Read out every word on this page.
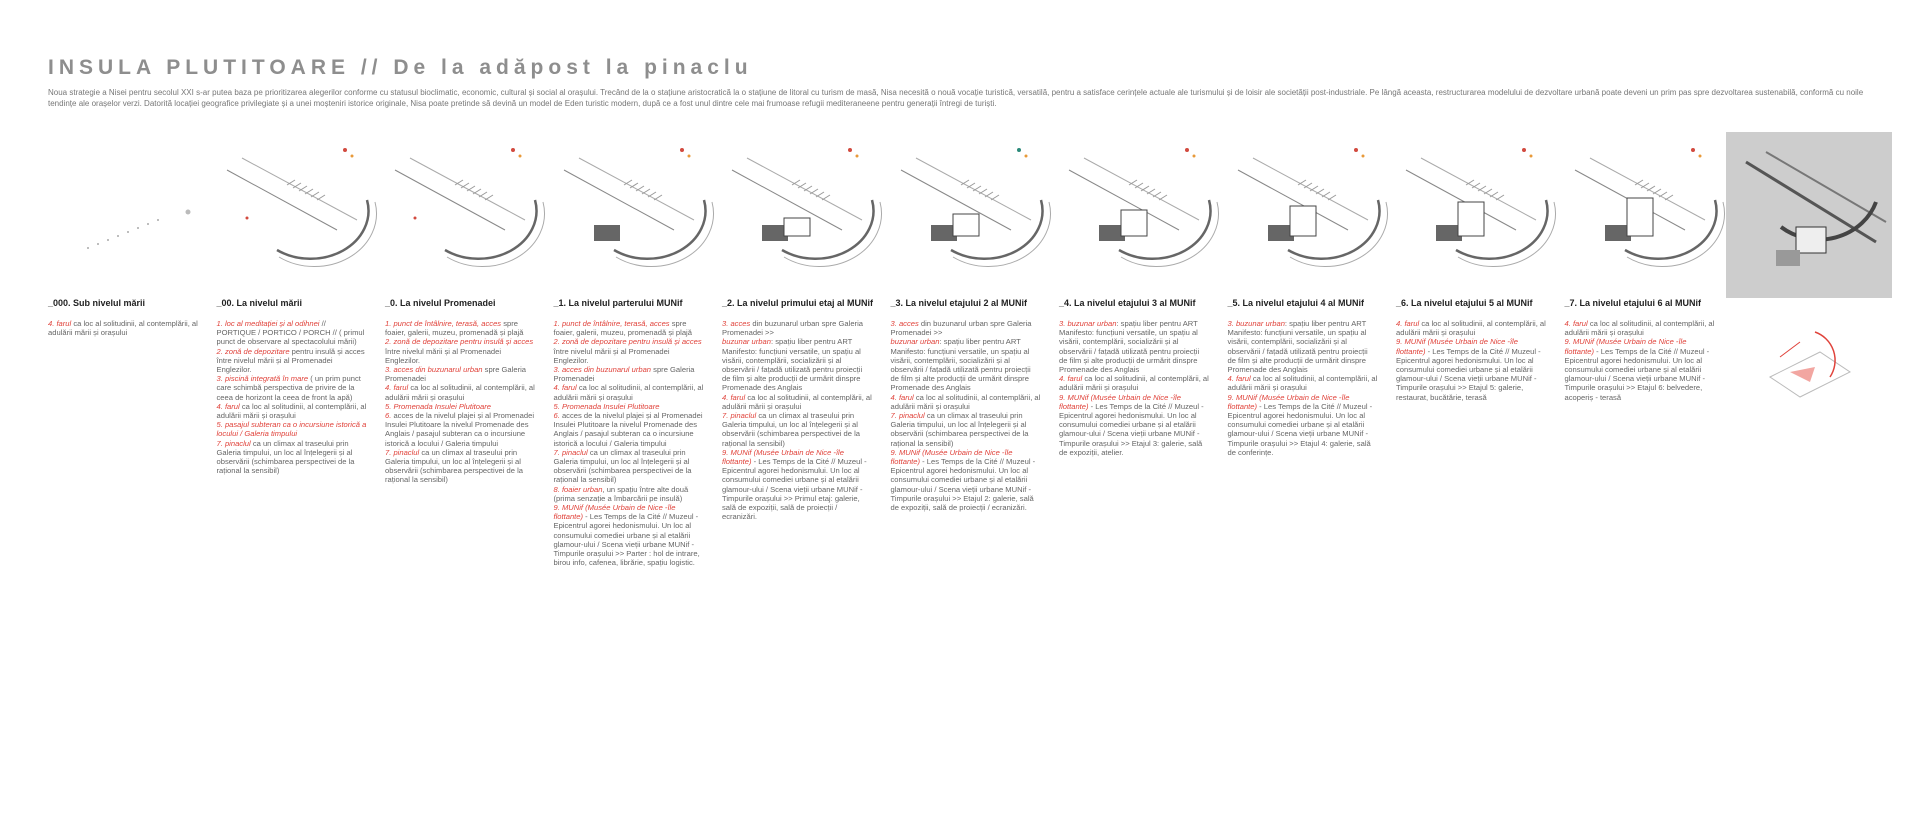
INSULA PLUTITOARE // De la adăpost la pinaclu
Noua strategie a Nisei pentru secolul XXI s-ar putea baza pe prioritizarea alegerilor conforme cu statusul bioclimatic, economic, cultural și social al orașului. Trecând de la o stațiune aristocratică la o stațiune de litoral cu turism de masă, Nisa necesită o nouă vocație turistică, versatilă, pentru a satisface cerințele actuale ale turismului și de loisir ale societății post-industriale. Pe lângă aceasta, restructurarea modelului de dezvoltare urbană poate deveni un prim pas spre dezvoltarea sustenabilă, conformă cu noile tendințe ale orașelor verzi. Datorită locației geografice privilegiate și a unei moșteniri istorice originale, Nisa poate pretinde să devină un model de Eden turistic modern, după ce a fost unul dintre cele mai frumoase refugii mediteraneene pentru generații întregi de turiști.
_000. Sub nivelul mării

4. farul ca loc al solitudinii, al contemplării, al adulării mării și orașului

_00. La nivelul mării

1. loc al meditației și al odihnei // PORTIQUE / PORTICO / PORCH // ( primul punct de observare al spectacolului mării)

2. zonă de depozitare pentru insulă și acces între nivelul mării și al Promenadei Englezilor.

3. piscină integrată în mare ( un prim punct care schimbă perspectiva de privire de la ceea de horizont la ceea de front la apă)

4. farul ca loc al solitudinii, al contemplării, al adulării mării și orașului

5. pasajul subteran ca o incursiune istorică a locului / Galeria timpului

7. pinaclul ca un climax al traseului prin Galeria timpului, un loc al înțelegerii și al observării (schimbarea perspectivei de la rațional la sensibil)

_0. La nivelul Promenadei

1. punct de întâlnire, terasă, acces spre foaier, galerii, muzeu, promenadă și plajă

2. zonă de depozitare pentru insulă și acces între nivelul mării și al Promenadei Englezilor.

3. acces din buzunarul urban spre Galeria Promenadei

4. farul ca loc al solitudinii, al contemplării, al adulării mării și orașului

5. Promenada Insulei Plutitoare

6. acces de la nivelul plajei și al Promenadei Insulei Plutitoare la nivelul Promenade des Anglais / pasajul subteran ca o incursiune istorică a locului / Galeria timpului

7. pinaclul ca un climax al traseului prin Galeria timpului, un loc al înțelegerii și al observării (schimbarea perspectivei de la rațional la sensibil)

_1. La nivelul parterului MUNif

1. punct de întâlnire, terasă, acces spre foaier, galerii, muzeu, promenadă și plajă

2. zonă de depozitare pentru insulă și acces între nivelul mării și al Promenadei Englezilor.

3. acces din buzunarul urban spre Galeria Promenadei

4. farul ca loc al solitudinii, al contemplării, al adulării mării și orașului

5. Promenada Insulei Plutitoare

6. acces de la nivelul plajei și al Promenadei Insulei Plutitoare la nivelul Promenade des Anglais / pasajul subteran ca o incursiune istorică a locului / Galeria timpului

7. pinaclul ca un climax al traseului prin Galeria timpului, un loc al înțelegerii și al observării (schimbarea perspectivei de la rațional la sensibil)

8. foaier urban, un spațiu între alte două (prima senzație a îmbarcării pe insulă)

9. MUNif (Musée Urbain de Nice -île flottante) - Les Temps de la Cité // Muzeul - Epicentrul agorei hedonismului. Un loc al consumului comediei urbane și al etalării glamour-ului / Scena vieții urbane MUNif - Timpurile orașului >> Parter : hol de intrare, birou info, cafenea, librărie, spațiu logistic.

_2. La nivelul primului etaj al MUNif

3. acces din buzunarul urban spre Galeria Promenadei >>

buzunar urban: spațiu liber pentru ART Manifesto: funcțiuni versatile, un spațiu al visării, contemplării, socializării și al observării / fațadă utilizată pentru proiecții de film și alte producții de urmărit dinspre Promenade des Anglais

4. farul ca loc al solitudinii, al contemplării, al adulării mării și orașului

7. pinaclul ca un climax al traseului prin Galeria timpului, un loc al înțelegerii și al observării (schimbarea perspectivei de la rațional la sensibil)

9. MUNif (Musée Urbain de Nice -île flottante) - Les Temps de la Cité // Muzeul -Epicentrul agorei hedonismului. Un loc al consumului comediei urbane și al etalării glamour-ului / Scena vieții urbane MUNif - Timpurile orașului >> Primul etaj: galerie, sală de expoziții, sală de proiecții / ecranizări.

_3. La nivelul etajului 2 al MUNif

3. acces din buzunarul urban spre Galeria Promenadei >>

buzunar urban: spațiu liber pentru ART Manifesto: funcțiuni versatile, un spațiu al visării, contemplării, socializării și al observării / fațadă utilizată pentru proiecții de film și alte producții de urmărit dinspre Promenade des Anglais

4. farul ca loc al solitudinii, al contemplării, al adulării mării și orașului

7. pinaclul ca un climax al traseului prin Galeria timpului, un loc al înțelegerii și al observării (schimbarea perspectivei de la rațional la sensibil)

9. MUNif (Musée Urbain de Nice -île flottante) - Les Temps de la Cité // Muzeul - Epicentrul agorei hedonismului. Un loc al consumului comediei urbane și al etalării glamour-ului / Scena vieții urbane MUNif - Timpurile orașului >> Etajul 2: galerie, sală de expoziții, sală de proiecții / ecranizări.

_4. La nivelul etajului 3 al MUNif

3. buzunar urban: spațiu liber pentru ART Manifesto: funcțiuni versatile, un spațiu al visării, contemplării, socializării și al observării / fațadă utilizată pentru proiecții de film și alte producții de urmărit dinspre Promenade des Anglais

4. farul ca loc al solitudinii, al contemplării, al adulării mării și orașului

9. MUNif (Musée Urbain de Nice -île flottante) - Les Temps de la Cité // Muzeul - Epicentrul agorei hedonismului. Un loc al consumului comediei urbane și al etalării glamour-ului / Scena vieții urbane MUNif - Timpurile orașului >> Etajul 3: galerie, sală de expoziții, atelier.

_5. La nivelul etajului 4 al MUNif

3. buzunar urban: spațiu liber pentru ART Manifesto: funcțiuni versatile, un spațiu al visării, contemplării, socializării și al observării / fațadă utilizată pentru proiecții de film și alte producții de urmărit dinspre Promenade des Anglais

4. farul ca loc al solitudinii, al contemplării, al adulării mării și orașului

9. MUNif (Musée Urbain de Nice -île flottante) - Les Temps de la Cité // Muzeul - Epicentrul agorei hedonismului. Un loc al consumului comediei urbane și al etalării glamour-ului / Scena vieții urbane MUNif - Timpurile orașului >> Etajul 4: galerie, sală de conferințe.

_6. La nivelul etajului 5 al MUNif

4. farul ca loc al solitudinii, al contemplării, al adulării mării și orașului

9. MUNif (Musée Urbain de Nice -île flottante) - Les Temps de la Cité // Muzeul - Epicentrul agorei hedonismului. Un loc al consumului comediei urbane și al etalării glamour-ului / Scena vieții urbane MUNif - Timpurile orașului >> Etajul 5: galerie, restaurat, bucătărie, terasă

_7. La nivelul etajului 6 al MUNif

4. farul ca loc al solitudinii, al contemplării, al adulării mării și orașului

9. MUNif (Musée Urbain de Nice -île flottante) - Les Temps de la Cité // Muzeul - Epicentrul agorei hedonismului. Un loc al consumului comediei urbane și al etalării glamour-ului / Scena vieții urbane MUNif - Timpurile orașului >> Etajul 6: belvedere, acoperiș - terasă
